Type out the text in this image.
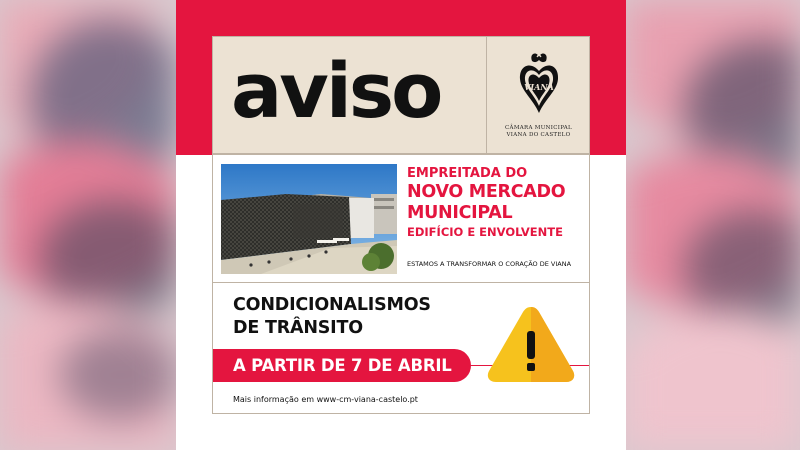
aviso	VIANA
CÂMARA MUNICIPAL
VIANA DO CASTELO
EMPREITADA DO
NOVO MERCADO
MUNICIPAL
EDIFÍCIO E ENVOLVENTE
ESTAMOS A TRANSFORMAR O CORAÇÃO DE VIANA
CONDICIONALISMOS
DE TRÂNSITO
A PARTIR DE 7 DE ABRIL
Mais informação em www-cm-viana-castelo.pt
